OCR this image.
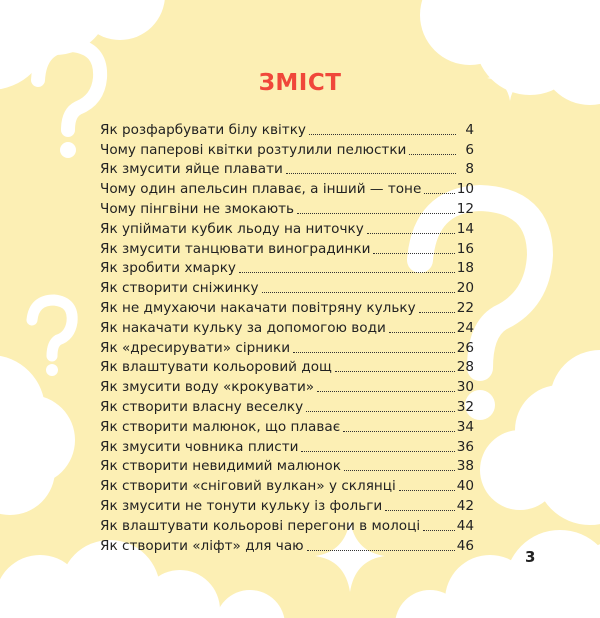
ЗМІСТ
Як розфарбувати білу квітку	4
Чому паперові квітки розтулили пелюстки	6
Як змусити яйце плавати	8
Чому один апельсин плаває, а інший — тоне	10
Чому пінгвіни не змокають	12
Як упіймати кубик льоду на ниточку	14
Як змусити танцювати виноградинки	16
Як зробити хмарку	18
Як створити сніжинку	20
Як не дмухаючи накачати повітряну кульку	22
Як накачати кульку за допомогою води	24
Як «дресирувати» сірники	26
Як влаштувати кольоровий дощ	28
Як змусити воду «крокувати»	30
Як створити власну веселку	32
Як створити малюнок, що плаває	34
Як змусити човника плисти	36
Як створити невидимий малюнок	38
Як створити «сніговий вулкан» у склянці	40
Як змусити не тонути кульку із фольги	42
Як влаштувати кольорові перегони в молоці	44
Як створити «ліфт» для чаю	46
3
